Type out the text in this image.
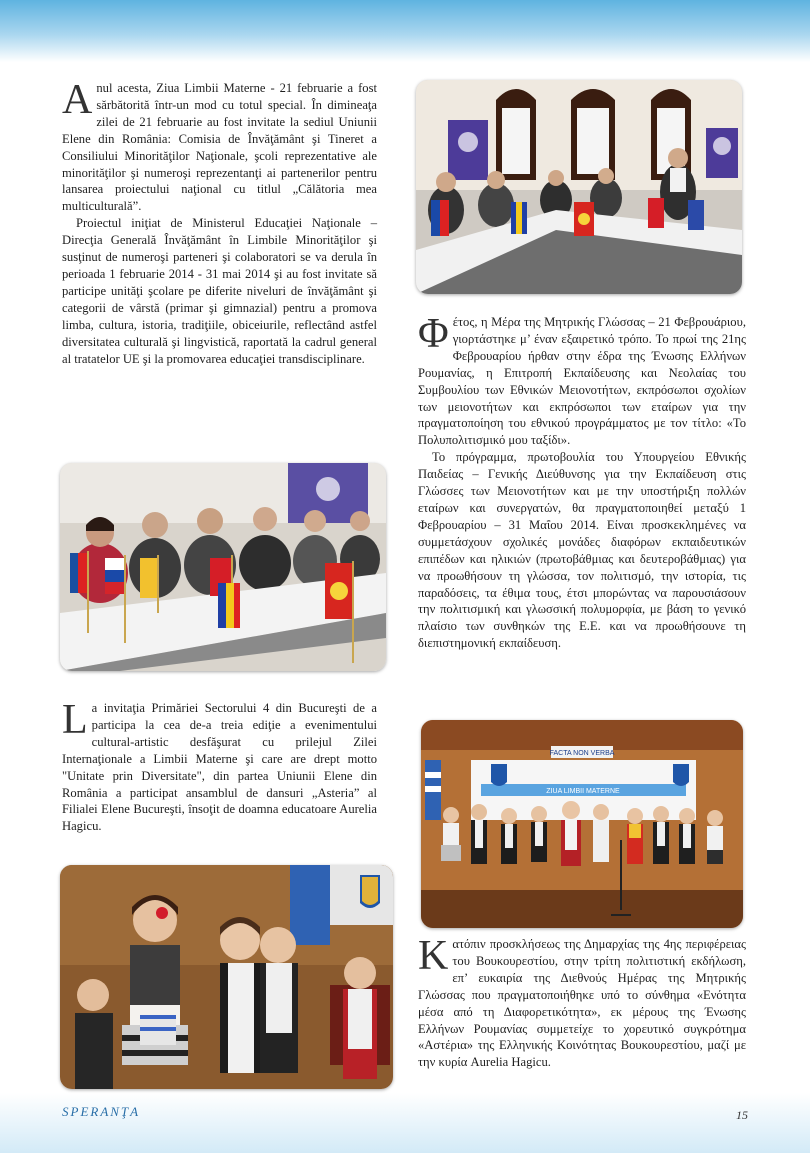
Anul acesta, Ziua Limbii Materne - 21 februarie a fost sărbătorită într-un mod cu totul special. În dimineaţa zilei de 21 februarie au fost invitate la sediul Uniunii Elene din România: Comisia de Învăţământ şi Tineret a Consiliului Minorităţilor Naţionale, şcoli reprezentative ale minorităţilor şi numeroşi reprezentanţi ai partenerilor pentru lansarea proiectului naţional cu titlul „Călătoria mea multiculturală”.

Proiectul iniţiat de Ministerul Educaţiei Naţionale – Direcţia Generală Învăţământ în Limbile Minorităţilor şi susţinut de numeroşi parteneri şi colaboratori se va derula în perioada 1 februarie 2014 - 31 mai 2014 şi au fost invitate să participe unităţi şcolare pe diferite niveluri de învăţământ şi categorii de vârstă (primar şi gimnazial) pentru a promova limba, cultura, istoria, tradiţiile, obiceiurile, reflectând astfel diversitatea culturală şi lingvistică, raportată la cadrul general al tratatelor UE şi la promovarea educaţiei transdisciplinare.

La invitaţia Primăriei Sectorului 4 din Bucureşti de a participa la cea de-a treia ediţie a evenimentului cultural-artistic desfăşurat cu prilejul Zilei Internaţionale a Limbii Materne şi care are drept motto "Unitate prin Diversitate", din partea Uniunii Elene din România a participat ansamblul de dansuri „Asteria” al Filialei Elene Bucureşti, însoţit de doamna educatoare Aurelia Hagicu.

Φέτος, η Μέρα της Μητρικής Γλώσσας – 21 Φεβρουάριου, γιορτάστηκε μ’ έναν εξαιρετικό τρόπο. Το πρωί της 21ης Φεβρουαρίου ήρθαν στην έδρα της Ένωσης Ελλήνων Ρουμανίας, η Επιτροπή Εκπαίδευσης και Νεολαίας του Συμβουλίου των Εθνικών Μειονοτήτων, εκπρόσωποι σχολίων των μειονοτήτων και εκπρόσωποι των εταίρων για την πραγματοποίηση του εθνικού προγράμματος με τον τίτλο: «Το Πολυπολιτισμικό μου ταξίδι».

Το πρόγραμμα, πρωτοβουλία του Υπουργείου Εθνικής Παιδείας – Γενικής Διεύθυνσης για την Εκπαίδευση στις Γλώσσες των Μειονοτήτων και με την υποστήριξη πολλών εταίρων και συνεργατών, θα πραγματοποιηθεί μεταξύ 1 Φεβρουαρίου – 31 Μαΐου 2014. Είναι προσκεκλημένες να συμμετάσχουν σχολικές μονάδες διαφόρων εκπαιδευτικών επιπέδων και ηλικιών (πρωτοβάθμιας και δευτεροβάθμιας) για να προωθήσουν τη γλώσσα, τον πολιτισμό, την ιστορία, τις παραδόσεις, τα έθιμα τους, έτσι μπορώντας να παρουσιάσουν την πολιτισμική και γλωσσική πολυμορφία, με βάση το γενικό πλαίσιο των συνθηκών της Ε.Ε. και να προωθήσουνε τη διεπιστημονική εκπαίδευση.

FACTA NON VERBA
ZIUA LIMBII MATERNE

Κατόπιν προσκλήσεως της Δημαρχίας της 4ης περιφέρειας του Βουκουρεστίου, στην τρίτη πολιτιστική εκδήλωση, επ’ ευκαιρία της Διεθνούς Ημέρας της Μητρικής Γλώσσας που πραγματοποιήθηκε υπό το σύνθημα «Ενότητα μέσα από τη Διαφορετικότητα», εκ μέρους της Ένωσης Ελλήνων Ρουμανίας συμμετείχε το χορευτικό συγκρότημα «Αστέρια» της Ελληνικής Κοινότητας Βουκουρεστίου, μαζί με την κυρία Aurelia Hagicu.

SPERANŢA	15
